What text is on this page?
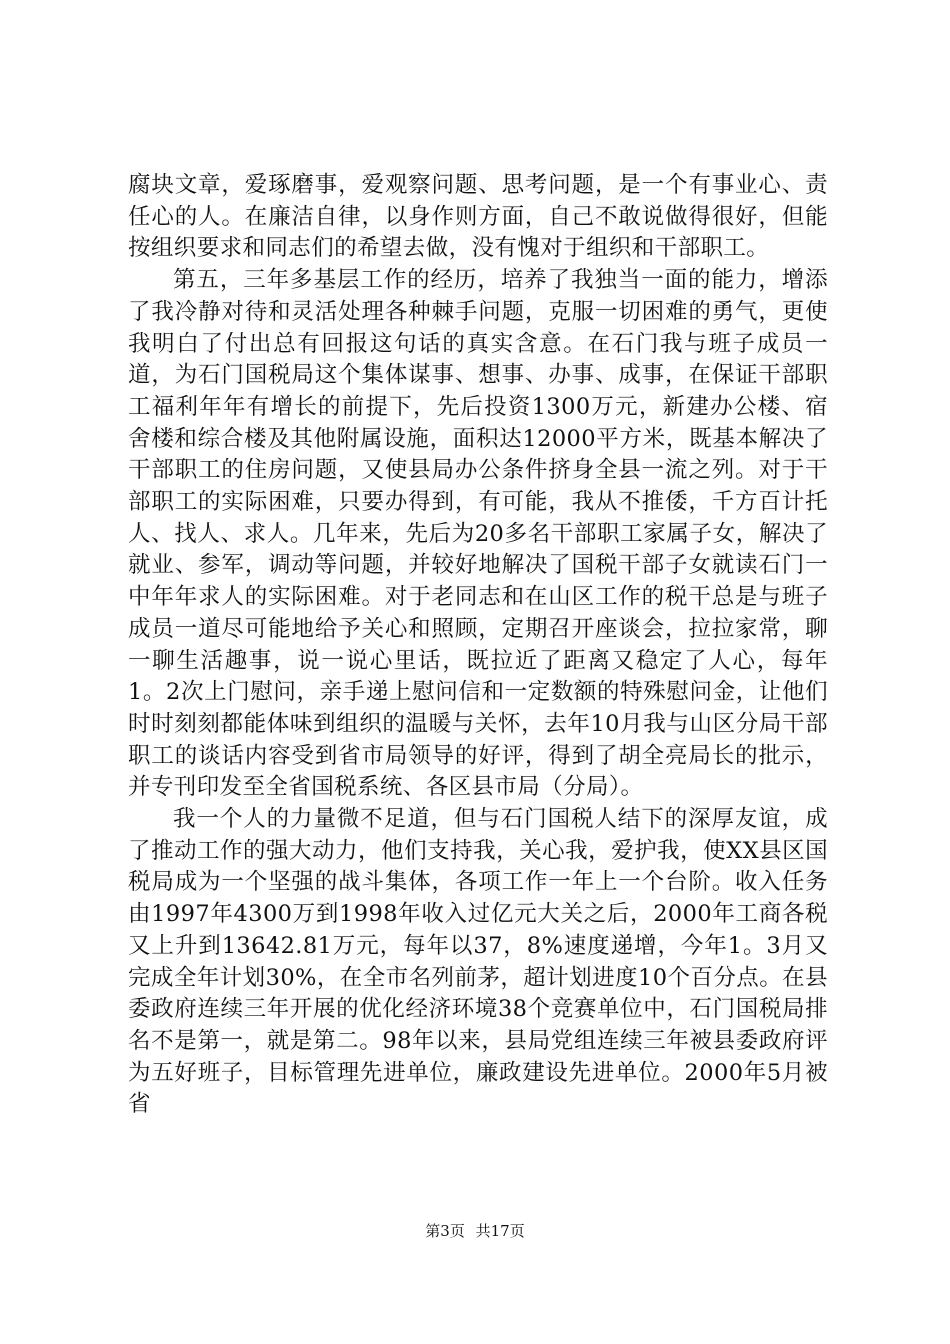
腐块文章，爱琢磨事，爱观察问题、思考问题，是一个有事业心、责任心的人。在廉洁自律，以身作则方面，自己不敢说做得很好，但能按组织要求和同志们的希望去做，没有愧对于组织和干部职工。

第五，三年多基层工作的经历，培养了我独当一面的能力，增添了我冷静对待和灵活处理各种棘手问题，克服一切困难的勇气，更使我明白了付出总有回报这句话的真实含意。在石门我与班子成员一道，为石门国税局这个集体谋事、想事、办事、成事，在保证干部职工福利年年有增长的前提下，先后投资1300万元，新建办公楼、宿舍楼和综合楼及其他附属设施，面积达12000平方米，既基本解决了干部职工的住房问题，又使县局办公条件挤身全县一流之列。对于干部职工的实际困难，只要办得到，有可能，我从不推倭，千方百计托人、找人、求人。几年来，先后为20多名干部职工家属子女，解决了就业、参军，调动等问题，并较好地解决了国税干部子女就读石门一中年年求人的实际困难。对于老同志和在山区工作的税干总是与班子成员一道尽可能地给予关心和照顾，定期召开座谈会，拉拉家常，聊一聊生活趣事，说一说心里话，既拉近了距离又稳定了人心，每年1。2次上门慰问，亲手递上慰问信和一定数额的特殊慰问金，让他们时时刻刻都能体味到组织的温暖与关怀，去年10月我与山区分局干部职工的谈话内容受到省市局领导的好评，得到了胡全亮局长的批示，并专刊印发至全省国税系统、各区县市局（分局）。

我一个人的力量微不足道，但与石门国税人结下的深厚友谊，成了推动工作的强大动力，他们支持我，关心我，爱护我，使XX县区国税局成为一个坚强的战斗集体，各项工作一年上一个台阶。收入任务由1997年4300万到1998年收入过亿元大关之后，2000年工商各税又上升到13642.81万元，每年以37，8%速度递增，今年1。3月又完成全年计划30%，在全市名列前茅，超计划进度10个百分点。在县委政府连续三年开展的优化经济环境38个竞赛单位中，石门国税局排名不是第一，就是第二。98年以来，县局党组连续三年被县委政府评为五好班子，目标管理先进单位，廉政建设先进单位。2000年5月被省

第3页 共17页
